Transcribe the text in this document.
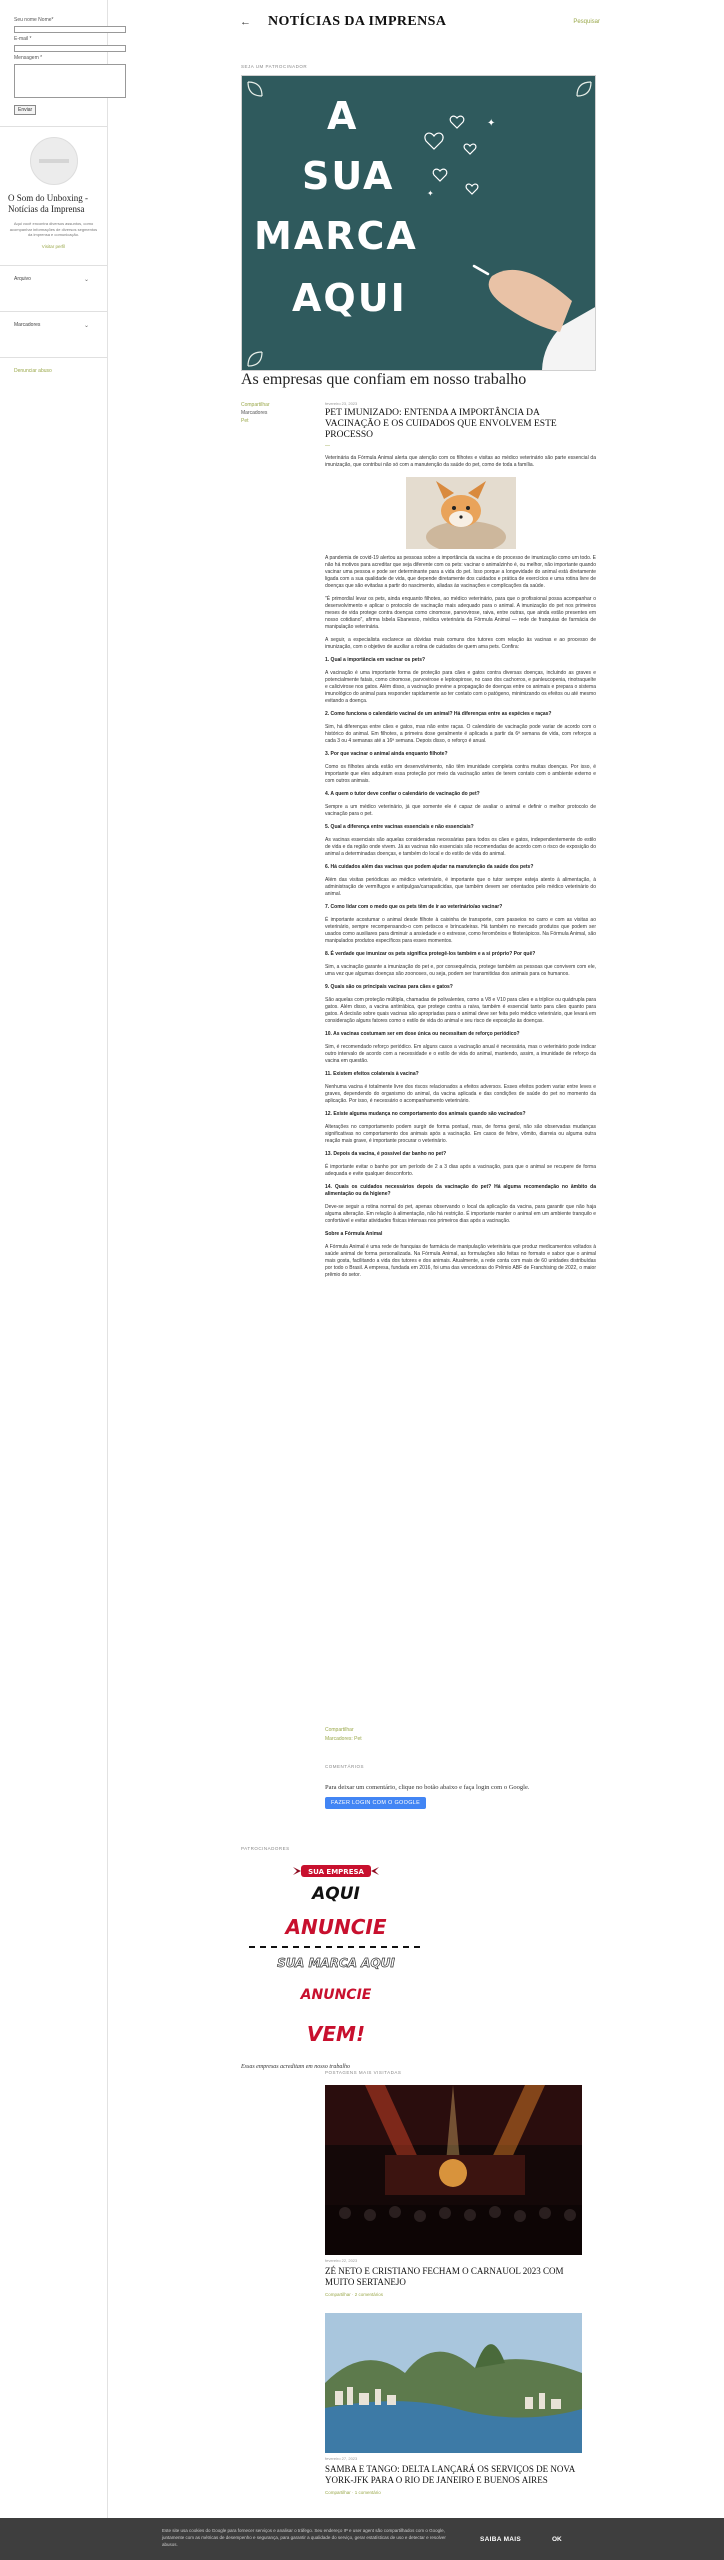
Seu nome Nome*
E-mail *
Mensagem *
Enviar
O Som do Unboxing - Notícias da Imprensa

Aqui você encontra diversos assuntos, como acompanhar informações de diversos segmentos da imprensa e comunicação.

Visitar perfil
Arquivo	⌄
Marcadores	⌄
Denunciar abuso
←	NOTÍCIAS DA IMPRENSA	Pesquisar
SEJA UM PATROCINADOR
✦
✦
A
SUA
MARCA
AQUI
As empresas que confiam em nosso trabalho
Compartilhar
Marcadores
Pet
fevereiro 23, 2023
PET IMUNIZADO: ENTENDA A IMPORTÂNCIA DA VACINAÇÃO E OS CUIDADOS QUE ENVOLVEM ESTE PROCESSO
—

Veterinária da Fórmula Animal alerta que atenção com os filhotes e visitas ao médico veterinário são parte essencial da imunização, que contribui não só com a manutenção da saúde do pet, como de toda a família.

A pandemia de covid-19 alertou as pessoas sobre a importância da vacina e do processo de imunização como um todo. E não há motivos para acreditar que seja diferente com os pets: vacinar o animalzinho é, ou melhor, não importante quando vacinar uma pessoa e pode ser determinante para a vida do pet. Isso porque a longevidade do animal está diretamente ligada com a sua qualidade de vida, que depende diretamente dos cuidados e prática de exercícios e uma rotina livre de doenças que são evitadas a partir do nascimento, aliadas às vacinações e complicações da saúde.

"É primordial levar os pets, ainda enquanto filhotes, ao médico veterinário, para que o profissional possa acompanhar o desenvolvimento e aplicar o protocolo de vacinação mais adequado para o animal. A imunização do pet nos primeiros meses de vida protege contra doenças como cinomose, parvovirose, raiva, entre outras, que ainda estão presentes em nosso cotidiano", afirma Isbela Ebanesso, médica veterinária da Fórmula Animal — rede de franquias de farmácia de manipulação veterinária.

A seguir, a especialista esclarece as dúvidas mais comuns dos tutores com relação às vacinas e ao processo de imunização, com o objetivo de auxiliar a rotina de cuidados de quem ama pets. Confira:

1. Qual a importância em vacinar os pets?

A vacinação é uma importante forma de proteção para cães e gatos contra diversas doenças, incluindo as graves e potencialmente fatais, como cinomose, parvovirose e leptospirose, no caso dos cachorros, e panleucopenia, rinotraqueíte e calicivirose nos gatos. Além disso, a vacinação previne a propagação de doenças entre os animais e prepara o sistema imunológico do animal para responder rapidamente ao ter contato com o patógeno, minimizando os efeitos ou até mesmo evitando a doença.

2. Como funciona o calendário vacinal de um animal? Há diferenças entre as espécies e raças?

Sim, há diferenças entre cães e gatos, mas não entre raças. O calendário de vacinação pode variar de acordo com o histórico do animal. Em filhotes, a primeira dose geralmente é aplicada a partir da 6ª semana de vida, com reforços a cada 3 ou 4 semanas até a 16ª semana. Depois disso, o reforço é anual.

3. Por que vacinar o animal ainda enquanto filhote?

Como os filhotes ainda estão em desenvolvimento, não têm imunidade completa contra muitas doenças. Por isso, é importante que eles adquiram essa proteção por meio da vacinação antes de terem contato com o ambiente externo e com outros animais.

4. A quem o tutor deve confiar o calendário de vacinação do pet?

Sempre a um médico veterinário, já que somente ele é capaz de avaliar o animal e definir o melhor protocolo de vacinação para o pet.

5. Qual a diferença entre vacinas essenciais e não essenciais?

As vacinas essenciais são aquelas consideradas necessárias para todos os cães e gatos, independentemente do estilo de vida e da região onde vivem. Já as vacinas não essenciais são recomendadas de acordo com o risco de exposição do animal a determinadas doenças, e também do local e do estilo de vida do animal.

6. Há cuidados além das vacinas que podem ajudar na manutenção da saúde dos pets?

Além das visitas periódicas ao médico veterinário, é importante que o tutor sempre esteja atento à alimentação, à administração de vermífugos e antipulgas/carrapaticidas, que também devem ser orientados pelo médico veterinário do animal.

7. Como lidar com o medo que os pets têm de ir ao veterinário/ao vacinar?

É importante acostumar o animal desde filhote à caixinha de transporte, com passeios no carro e com as visitas ao veterinário, sempre recompensando-o com petiscos e brincadeiras. Há também no mercado produtos que podem ser usados como auxiliares para diminuir a ansiedade e o estresse, como feromônios e fitoterápicos. Na Fórmula Animal, são manipulados produtos específicos para esses momentos.

8. É verdade que imunizar os pets significa protegê-los também e a si próprio? Por quê?

Sim, a vacinação garante a imunização do pet e, por consequência, protege também as pessoas que convivem com ele, uma vez que algumas doenças são zoonoses, ou seja, podem ser transmitidas dos animais para os humanos.

9. Quais são os principais vacinas para cães e gatos?

São aquelas com proteção múltipla, chamadas de polivalentes, como a V8 e V10 para cães e a tríplice ou quádrupla para gatos. Além disso, a vacina antirrábica, que protege contra a raiva, também é essencial tanto para cães quanto para gatos. A decisão sobre quais vacinas são apropriadas para o animal deve ser feita pelo médico veterinário, que levará em consideração alguns fatores como o estilo de vida do animal e seu risco de exposição às doenças.

10. As vacinas costumam ser em dose única ou necessitam de reforço periódico?

Sim, é recomendado reforço periódico. Em alguns casos a vacinação anual é necessária, mas o veterinário pode indicar outro intervalo de acordo com a necessidade e o estilo de vida do animal, mantendo, assim, a imunidade de reforço da vacina em questão.

11. Existem efeitos colaterais à vacina?

Nenhuma vacina é totalmente livre dos riscos relacionados a efeitos adversos. Esses efeitos podem variar entre leves e graves, dependendo do organismo do animal, da vacina aplicada e das condições de saúde do pet no momento da aplicação. Por isso, é necessário o acompanhamento veterinário.

12. Existe alguma mudança no comportamento dos animais quando são vacinados?

Alterações no comportamento podem surgir de forma pontual, mas, de forma geral, não são observadas mudanças significativas no comportamento dos animais após a vacinação. Em casos de febre, vômito, diarreia ou alguma outra reação mais grave, é importante procurar o veterinário.

13. Depois da vacina, é possível dar banho no pet?

É importante evitar o banho por um período de 2 a 3 dias após a vacinação, para que o animal se recupere de forma adequada e evite qualquer desconforto.

14. Quais os cuidados necessários depois da vacinação do pet? Há alguma recomendação no âmbito da alimentação ou da higiene?

Deve-se seguir a rotina normal do pet, apenas observando o local da aplicação da vacina, para garantir que não haja alguma alteração. Em relação à alimentação, não há restrição. É importante manter o animal em um ambiente tranquilo e confortável e evitar atividades físicas intensas nos primeiros dias após a vacinação.

Sobre a Fórmula Animal

A Fórmula Animal é uma rede de franquias de farmácia de manipulação veterinária que produz medicamentos voltados à saúde animal de forma personalizada. Na Fórmula Animal, as formulações são feitas no formato e sabor que o animal mais gosta, facilitando a vida dos tutores e dos animais. Atualmente, a rede conta com mais de 60 unidades distribuídas por todo o Brasil. A empresa, fundada em 2016, foi uma das vencedoras do Prêmio ABF de Franchising de 2022, o maior prêmio do setor.

Compartilhar
Marcadores: Pet
COMENTÁRIOS
Para deixar um comentário, clique no botão abaixo e faça login com o Google.
FAZER LOGIN COM O GOOGLE
PATROCINADORES
SUA EMPRESA
AQUI
ANUNCIE
SUA MARCA AQUI
ANUNCIE
VEM!
Essas empresas acreditam em nosso trabalho
POSTAGENS MAIS VISITADAS
fevereiro 22, 2023
ZÉ NETO E CRISTIANO FECHAM O CARNAUOL 2023 COM MUITO SERTANEJO
Compartilhar · 2 comentários
fevereiro 27, 2023
SAMBA E TANGO: DELTA LANÇARÁ OS SERVIÇOS DE NOVA YORK-JFK PARA O RIO DE JANEIRO E BUENOS AIRES
Compartilhar · 1 comentário
Este site usa cookies do Google para fornecer serviços e analisar o tráfego. Seu endereço IP e user agent são compartilhados com o Google, juntamente com as métricas de desempenho e segurança, para garantir a qualidade do serviço, gerar estatísticas de uso e detectar e resolver abusos.
SAIBA MAIS	OK
